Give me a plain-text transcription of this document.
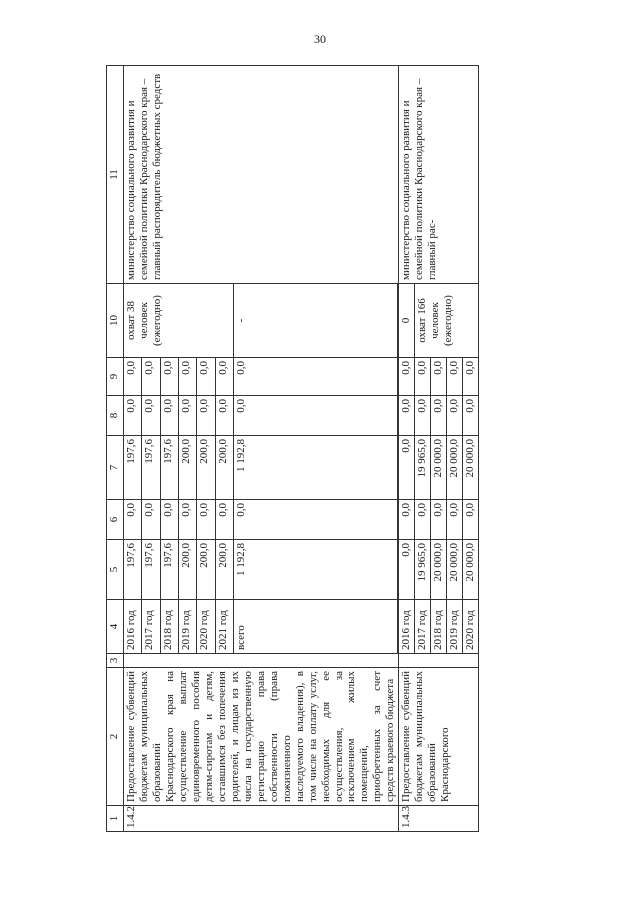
30
1	2	3	4	5	6	7	8	9	10	11
1.4.2	Предоставление субвенций бюджетам муниципальных образований Краснодарского края на осуществление выплат единовременного пособия детям-сиротам и детям, оставшимся без попечения родителей, и лицам из их числа на государственную регистрацию права собственности (права пожизненного наследуемого владения), в том числе на оплату услуг, необходимых для ее осуществления, за исключением жилых помещений, приобретенных за счет средств краевого бюджета		2016 год	197,6	0,0	197,6	0,0	0,0	охват 38 человек (ежегодно)	министерство социального развития и семейной политики Краснодарского края – главный распорядитель бюджетных средств
			2017 год	197,6	0,0	197,6	0,0	0,0		
			2018 год	197,6	0,0	197,6	0,0	0,0		
			2019 год	200,0	0,0	200,0	0,0	0,0		
			2020 год	200,0	0,0	200,0	0,0	0,0		
			2021 год	200,0	0,0	200,0	0,0	0,0		
			всего	1 192,8	0,0	1 192,8	0,0	0,0	-	

1.4.3	Предоставление субвенций бюджетам муниципальных образований Краснодарского		2016 год	0,0	0,0	0,0	0,0	0,0	0	министерство социального развития и семейной политики Краснодарского края – главный рас-
			2017 год	19 965,0	0,0	19 965,0	0,0	0,0	охват 166 человек (ежегодно)	
			2018 год	20 000,0	0,0	20 000,0	0,0	0,0		
			2019 год	20 000,0	0,0	20 000,0	0,0	0,0		
			2020 год	20 000,0	0,0	20 000,0	0,0	0,0		
